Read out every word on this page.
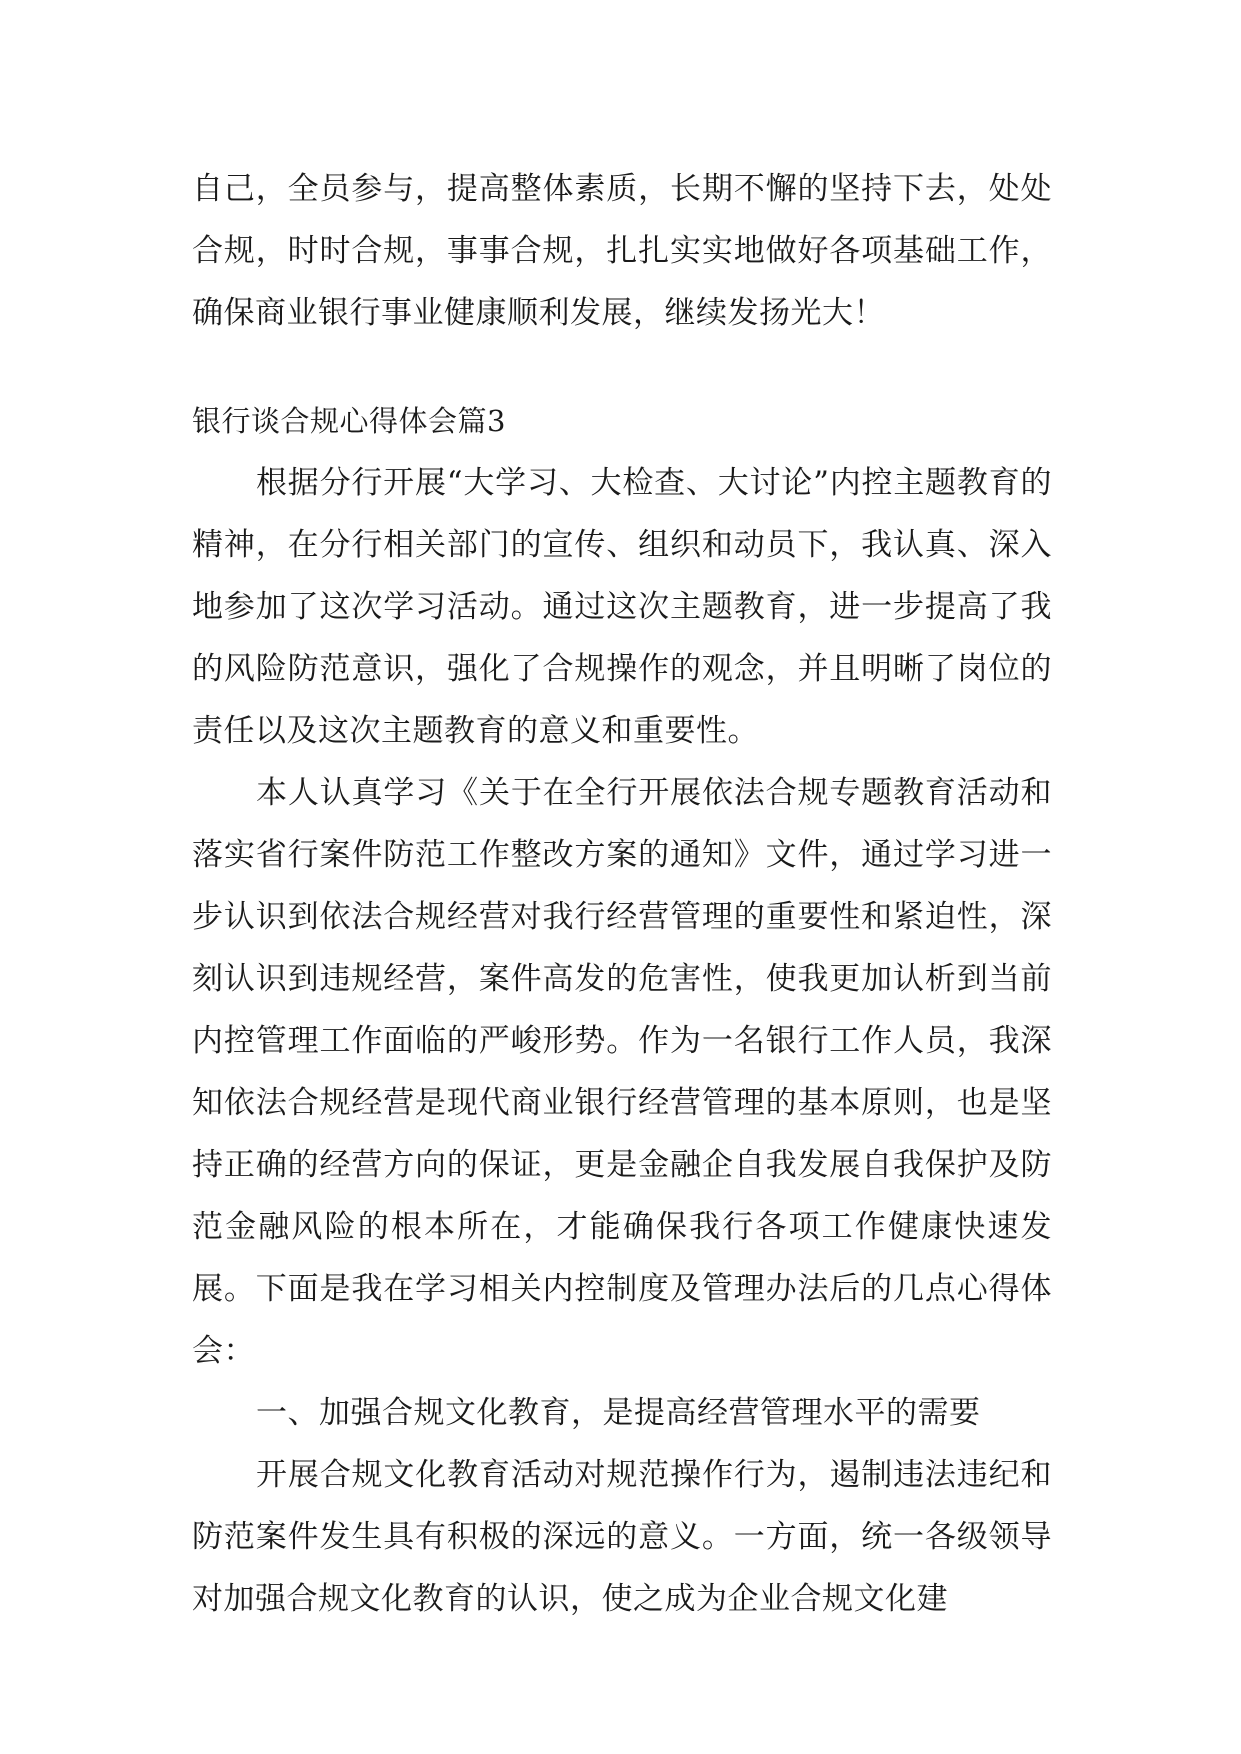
自己，全员参与，提高整体素质，长期不懈的坚持下去，处处合规，时时合规，事事合规，扎扎实实地做好各项基础工作，确保商业银行事业健康顺利发展，继续发扬光大！

银行谈合规心得体会篇3

根据分行开展“大学习、大检查、大讨论”内控主题教育的精神，在分行相关部门的宣传、组织和动员下，我认真、深入地参加了这次学习活动。通过这次主题教育，进一步提高了我的风险防范意识，强化了合规操作的观念，并且明晰了岗位的责任以及这次主题教育的意义和重要性。

本人认真学习《关于在全行开展依法合规专题教育活动和落实省行案件防范工作整改方案的通知》文件，通过学习进一步认识到依法合规经营对我行经营管理的重要性和紧迫性，深刻认识到违规经营，案件高发的危害性，使我更加认析到当前内控管理工作面临的严峻形势。作为一名银行工作人员，我深知依法合规经营是现代商业银行经营管理的基本原则，也是坚持正确的经营方向的保证，更是金融企自我发展自我保护及防范金融风险的根本所在，才能确保我行各项工作健康快速发展。下面是我在学习相关内控制度及管理办法后的几点心得体会：

一、加强合规文化教育，是提高经营管理水平的需要

开展合规文化教育活动对规范操作行为，遏制违法违纪和防范案件发生具有积极的深远的意义。一方面，统一各级领导对加强合规文化教育的认识，使之成为企业合规文化建
